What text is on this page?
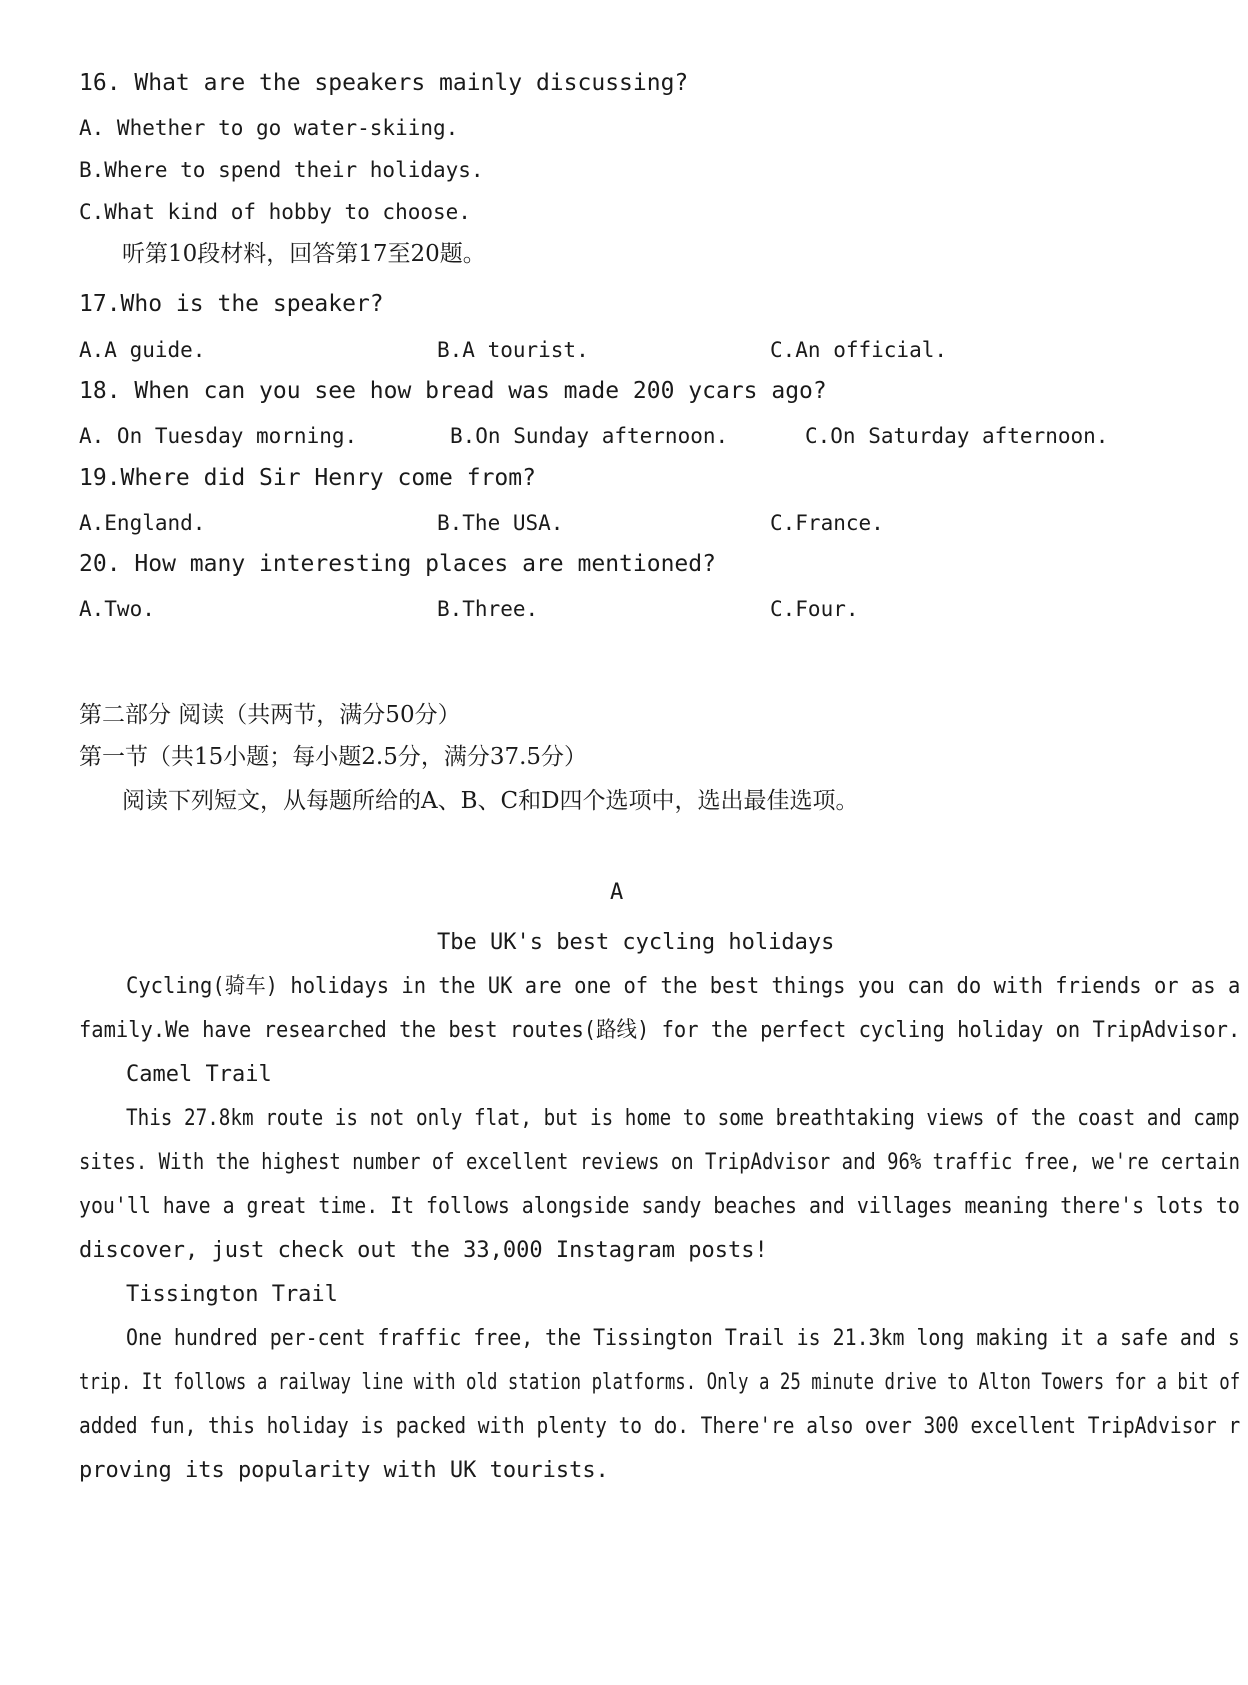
16. What are the speakers mainly discussing?
A. Whether to go water-skiing.
B.Where to spend their holidays.
C.What kind of hobby to choose.
听第10段材料，回答第17至20题。
17.Who is the speaker?
A.A guide.	B.A tourist.	C.An official.
18. When can you see how bread was made 200 ycars ago?
A. On Tuesday morning.	B.On Sunday afternoon.	C.On Saturday afternoon.
19.Where did Sir Henry come from?
A.England.	B.The USA.	C.France.
20. How many interesting places are mentioned?
A.Two.	B.Three.	C.Four.
第二部分 阅读（共两节，满分50分）
第一节（共15小题；每小题2.5分，满分37.5分）
阅读下列短文，从每题所给的A、B、C和D四个选项中，选出最佳选项。
A
Tbe UK's best cycling holidays
Cycling(骑车) holidays in the UK are one of the best things you can do with friends or as a
family.We have researched the best routes(路线) for the perfect cycling holiday on TripAdvisor.
Camel Trail
This 27.8km route is not only flat, but is home to some breathtaking views of the coast and camp
sites. With the highest number of excellent reviews on TripAdvisor and 96% traffic free, we're certain
you'll have a great time. It follows alongside sandy beaches and villages meaning there's lots to
discover, just check out the 33,000 Instagram posts!
Tissington Trail
One hundred per-cent fraffic free, the Tissington Trail is 21.3km long making it a safe and s
trip. It follows a railway line with old station platforms. Only a 25 minute drive to Alton Towers for a bit of
added fun, this holiday is packed with plenty to do. There're also over 300 excellent TripAdvisor r
proving its popularity with UK tourists.
